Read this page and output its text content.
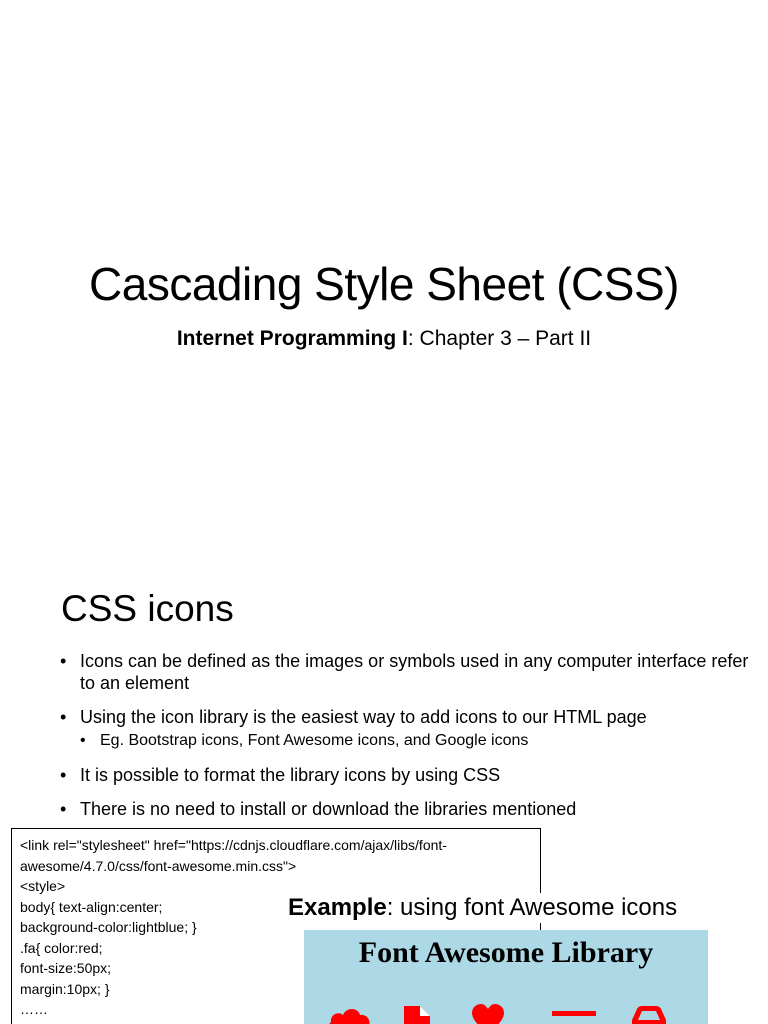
Cascading Style Sheet (CSS)
Internet Programming I: Chapter 3 – Part II
CSS icons
• Icons can be defined as the images or symbols used in any computer interface refer to an element
• Using the icon library is the easiest way to add icons to our HTML page
• Eg. Bootstrap icons, Font Awesome icons, and Google icons
• It is possible to format the library icons by using CSS
• There is no need to install or download the libraries mentioned
<link rel="stylesheet" href="https://cdnjs.cloudflare.com/ajax/libs/font-
awesome/4.7.0/css/font-awesome.min.css">
<style>
body{ text-align:center;
background-color:lightblue; }
.fa{ color:red;
font-size:50px;
margin:10px; }
……
Example: using font Awesome icons
Font Awesome Library
